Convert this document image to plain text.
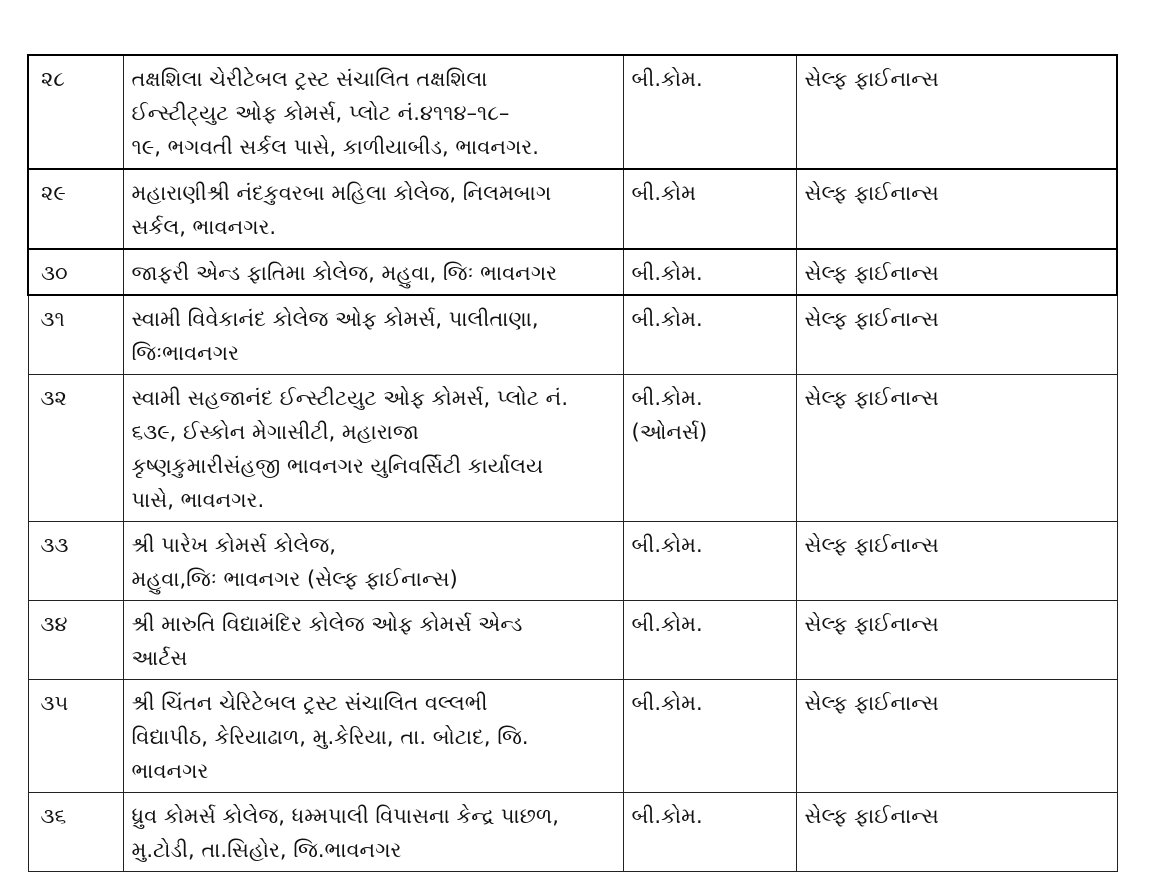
૨૮	તક્ષશિલા ચેરીટેબલ ટ્રસ્ટ સંચાલિત તક્ષશિલા
ઈન્સ્ટીટ્યુટ ઓફ કોમર્સ, પ્લોટ નં.૪૧૧૪–૧૮–
૧૯, ભગવતી સર્કલ પાસે, કાળીયાબીડ, ભાવનગર.	બી.કોમ.	સેલ્ફ ફાઈનાન્સ
૨૯	મહારાણીશ્રી નંદકુવરબા મહિલા કોલેજ, નિલમબાગ
સર્કલ, ભાવનગર.	બી.કોમ	સેલ્ફ ફાઈનાન્સ
૩૦	જાફરી એન્ડ ફાતિમા કોલેજ, મહુવા, જિઃ ભાવનગર	બી.કોમ.	સેલ્ફ ફાઈનાન્સ
૩૧	સ્વામી વિવેકાનંદ કોલેજ ઓફ કોમર્સ, પાલીતાણા,
જિઃભાવનગર	બી.કોમ.	સેલ્ફ ફાઈનાન્સ
૩૨	સ્વામી સહજાનંદ ઈન્સ્ટીટયુટ ઓફ કોમર્સ, પ્લોટ નં.
૬૩૯, ઈસ્કોન મેગાસીટી, મહારાજા
કૃષ્ણકુમારીસંહજી ભાવનગર યુનિવર્સિટી કાર્યાલય
પાસે, ભાવનગર.	બી.કોમ.
(ઓનર્સ)	સેલ્ફ ફાઈનાન્સ
૩૩	શ્રી પારેખ કોમર્સ કોલેજ,
મહુવા,જિઃ ભાવનગર (સેલ્ફ ફાઈનાન્સ)	બી.કોમ.	સેલ્ફ ફાઈનાન્સ
૩૪	શ્રી મારુતિ વિદ્યામંદિર કોલેજ ઓફ કોમર્સ એન્ડ
આર્ટસ	બી.કોમ.	સેલ્ફ ફાઈનાન્સ
૩૫	શ્રી ચિંતન ચેરિટેબલ ટ્રસ્ટ સંચાલિત વલ્લભી
વિદ્યાપીઠ, કેરિયાઢાળ, મુ.કેરિયા, તા. બોટાદ, જિ.
ભાવનગર	બી.કોમ.	સેલ્ફ ફાઈનાન્સ
૩૬	ધ્રુવ કોમર્સ કોલેજ, ધમ્મપાલી વિપાસના કેન્દ્ર પાછળ,
મુ.ટોડી, તા.સિહોર, જિ.ભાવનગર	બી.કોમ.	સેલ્ફ ફાઈનાન્સ
